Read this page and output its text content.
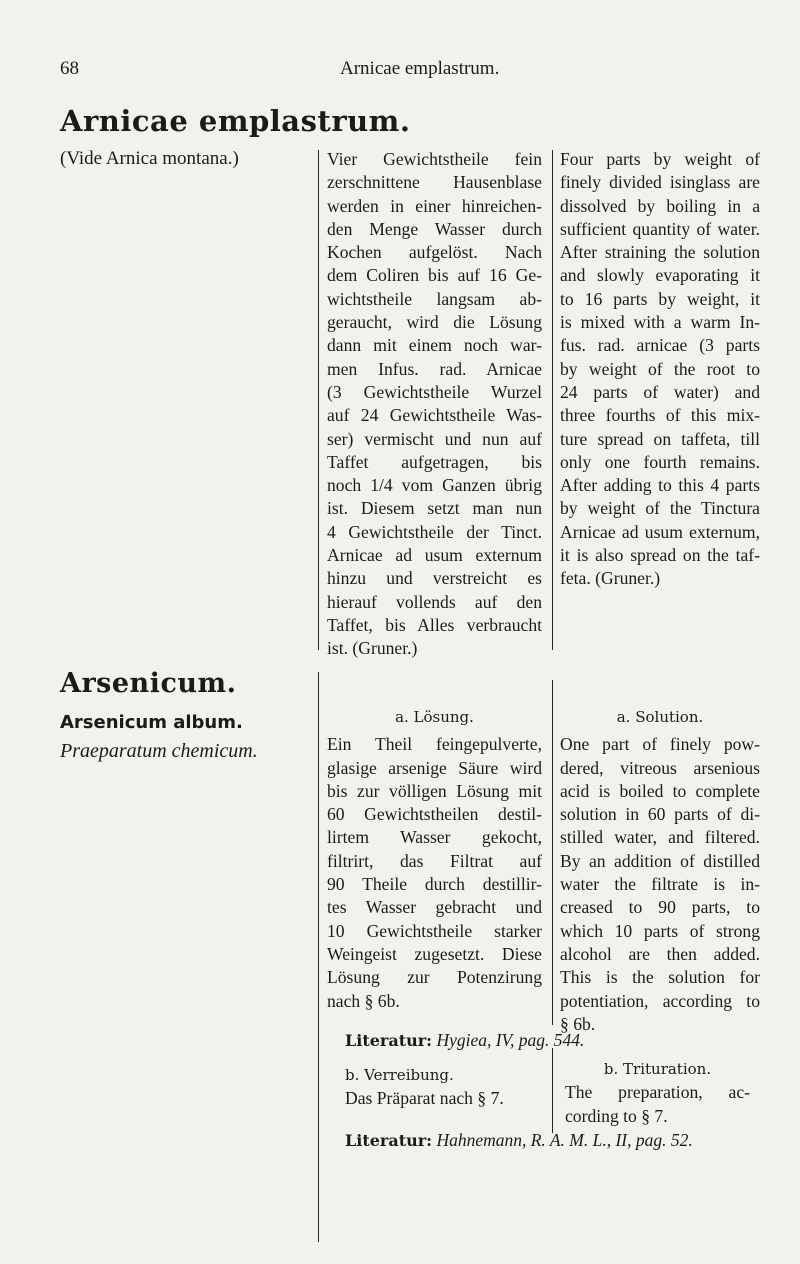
68	Arnicae emplastrum.
Arnicae emplastrum.
(Vide Arnica montana.)	Vier Gewichtstheile fein
zerschnittene Hausenblase
werden in einer hinreichen-
den Menge Wasser durch
Kochen aufgelöst. Nach
dem Coliren bis auf 16 Ge-
wichtstheile langsam ab-
geraucht, wird die Lösung
dann mit einem noch war-
men Infus. rad. Arnicae
(3 Gewichtstheile Wurzel
auf 24 Gewichtstheile Was-
ser) vermischt und nun auf
Taffet aufgetragen, bis
noch 1/4 vom Ganzen übrig
ist. Diesem setzt man nun
4 Gewichtstheile der Tinct.
Arnicae ad usum externum
hinzu und verstreicht es
hierauf vollends auf den
Taffet, bis Alles verbraucht
ist. (Gruner.)
Four parts by weight of
finely divided isinglass are
dissolved by boiling in a
sufficient quantity of water.
After straining the solution
and slowly evaporating it
to 16 parts by weight, it
is mixed with a warm In-
fus. rad. arnicae (3 parts
by weight of the root to
24 parts of water) and
three fourths of this mix-
ture spread on taffeta, till
only one fourth remains.
After adding to this 4 parts
by weight of the Tinctura
Arnicae ad usum externum,
it is also spread on the taf-
feta. (Gruner.)
Arsenicum.
Arsenicum album.
Praeparatum chemicum.
a. Lösung.
Ein Theil feingepulverte,
glasige arsenige Säure wird
bis zur völligen Lösung mit
60 Gewichtstheilen destil-
lirtem Wasser gekocht,
filtrirt, das Filtrat auf
90 Theile durch destillir-
tes Wasser gebracht und
10 Gewichtstheile starker
Weingeist zugesetzt. Diese
Lösung zur Potenzirung
nach § 6b.
a. Solution.
One part of finely pow-
dered, vitreous arsenious
acid is boiled to complete
solution in 60 parts of di-
stilled water, and filtered.
By an addition of distilled
water the filtrate is in-
creased to 90 parts, to
which 10 parts of strong
alcohol are then added.
This is the solution for
potentiation, according to
§ 6b.
Literatur: Hygiea, IV, pag. 544.
b. Verreibung.
Das Präparat nach § 7.
b. Trituration.
The preparation, ac-
cording to § 7.
Literatur: Hahnemann, R. A. M. L., II, pag. 52.
